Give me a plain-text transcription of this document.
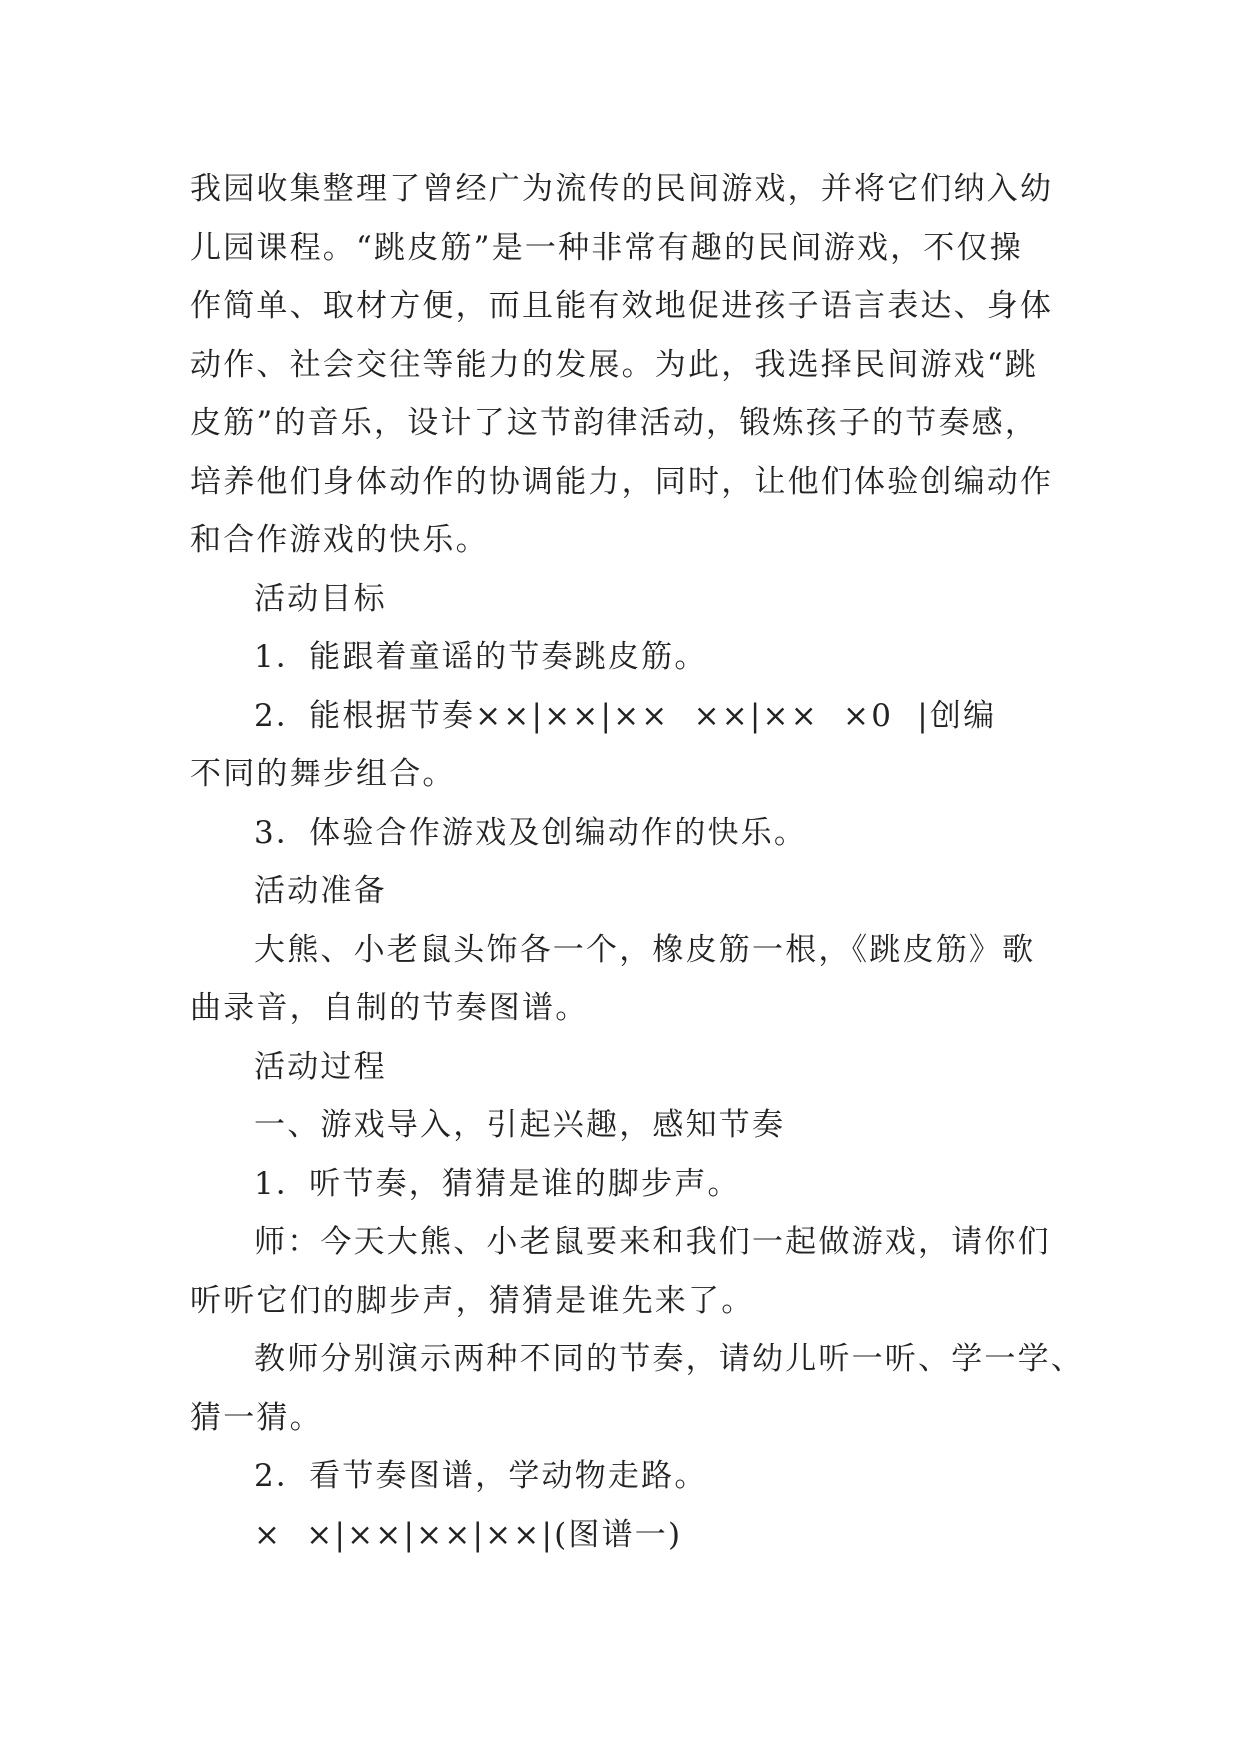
我园收集整理了曾经广为流传的民间游戏，并将它们纳入幼

儿园课程。“跳皮筋”是一种非常有趣的民间游戏，不仅操

作简单、取材方便，而且能有效地促进孩子语言表达、身体

动作、社会交往等能力的发展。为此，我选择民间游戏“跳

皮筋”的音乐，设计了这节韵律活动，锻炼孩子的节奏感，

培养他们身体动作的协调能力，同时，让他们体验创编动作

和合作游戏的快乐。

活动目标

1．能跟着童谣的节奏跳皮筋。

2．能根据节奏××|××|××  ××|××  ×0  |创编

不同的舞步组合。

3．体验合作游戏及创编动作的快乐。

活动准备

大熊、小老鼠头饰各一个，橡皮筋一根，《跳皮筋》歌

曲录音，自制的节奏图谱。

活动过程

一、游戏导入，引起兴趣，感知节奏

1．听节奏，猜猜是谁的脚步声。

师：今天大熊、小老鼠要来和我们一起做游戏，请你们

听听它们的脚步声，猜猜是谁先来了。

教师分别演示两种不同的节奏，请幼儿听一听、学一学、

猜一猜。

2．看节奏图谱，学动物走路。

×  ×|××|××|××|(图谱一)
